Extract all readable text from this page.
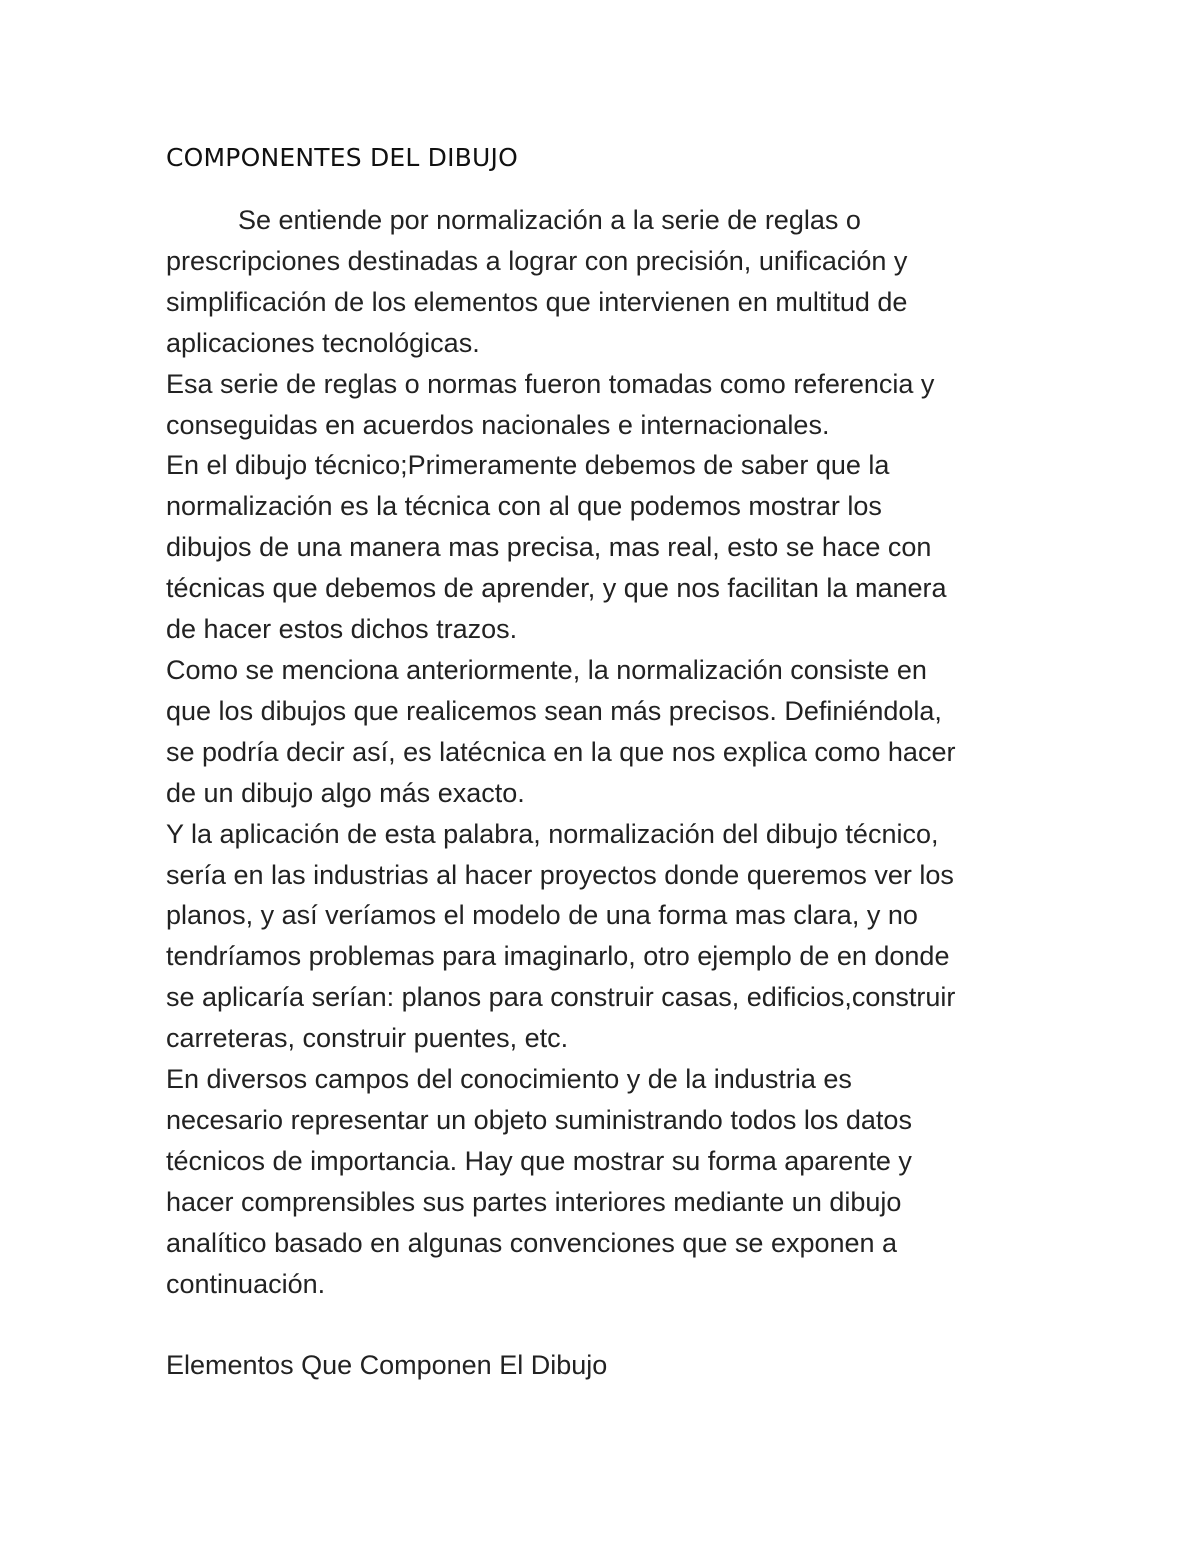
COMPONENTES DEL DIBUJO
Se entiende por normalización a la serie de reglas o
prescripciones destinadas a lograr con precisión, unificación y
simplificación de los elementos que intervienen en multitud de
aplicaciones tecnológicas.
Esa serie de reglas o normas fueron tomadas como referencia y
conseguidas en acuerdos nacionales e internacionales.
En el dibujo técnico;Primeramente debemos de saber que la
normalización es la técnica con al que podemos mostrar los
dibujos de una manera mas precisa, mas real, esto se hace con
técnicas que debemos de aprender, y que nos facilitan la manera
de hacer estos dichos trazos.
Como se menciona anteriormente, la normalización consiste en
que los dibujos que realicemos sean más precisos. Definiéndola,
se podría decir así, es latécnica en la que nos explica como hacer
de un dibujo algo más exacto.
Y la aplicación de esta palabra, normalización del dibujo técnico,
sería en las industrias al hacer proyectos donde queremos ver los
planos, y así veríamos el modelo de una forma mas clara, y no
tendríamos problemas para imaginarlo, otro ejemplo de en donde
se aplicaría serían: planos para construir casas, edificios,construir
carreteras, construir puentes, etc.
En diversos campos del conocimiento y de la industria es
necesario representar un objeto suministrando todos los datos
técnicos de importancia. Hay que mostrar su forma aparente y
hacer comprensibles sus partes interiores mediante un dibujo
analítico basado en algunas convenciones que se exponen a
continuación.
Elementos Que Componen El Dibujo
